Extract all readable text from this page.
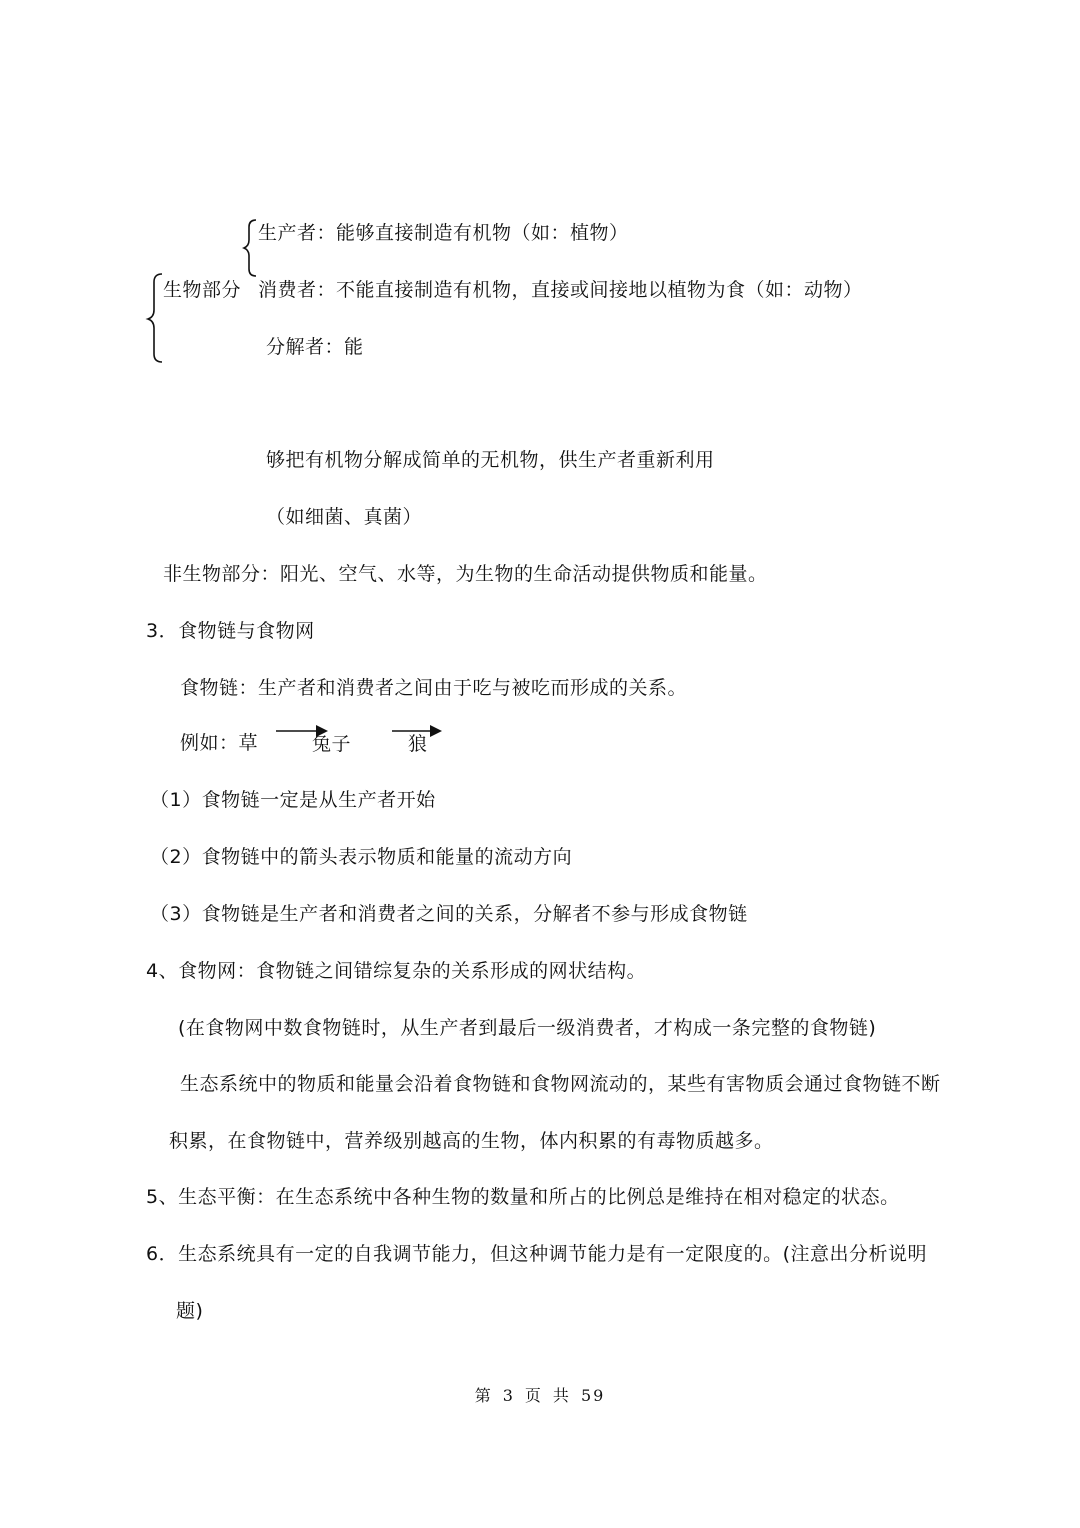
生产者：能够直接制造有机物（如：植物）
生物部分 消费者：不能直接制造有机物，直接或间接地以植物为食（如：动物）
分解者：能
够把有机物分解成简单的无机物，供生产者重新利用
（如细菌、真菌）
非生物部分：阳光、空气、水等，为生物的生命活动提供物质和能量。
3．食物链与食物网
食物链：生产者和消费者之间由于吃与被吃而形成的关系。
例如：草	兔子	狼
（1）食物链一定是从生产者开始
（2）食物链中的箭头表示物质和能量的流动方向
（3）食物链是生产者和消费者之间的关系，分解者不参与形成食物链
4、食物网：食物链之间错综复杂的关系形成的网状结构。
(在食物网中数食物链时，从生产者到最后一级消费者，才构成一条完整的食物链)
生态系统中的物质和能量会沿着食物链和食物网流动的，某些有害物质会通过食物链不断
积累，在食物链中，营养级别越高的生物，体内积累的有毒物质越多。
5、生态平衡：在生态系统中各种生物的数量和所占的比例总是维持在相对稳定的状态。
6．生态系统具有一定的自我调节能力，但这种调节能力是有一定限度的。(注意出分析说明
题)
第 3 页 共 59
